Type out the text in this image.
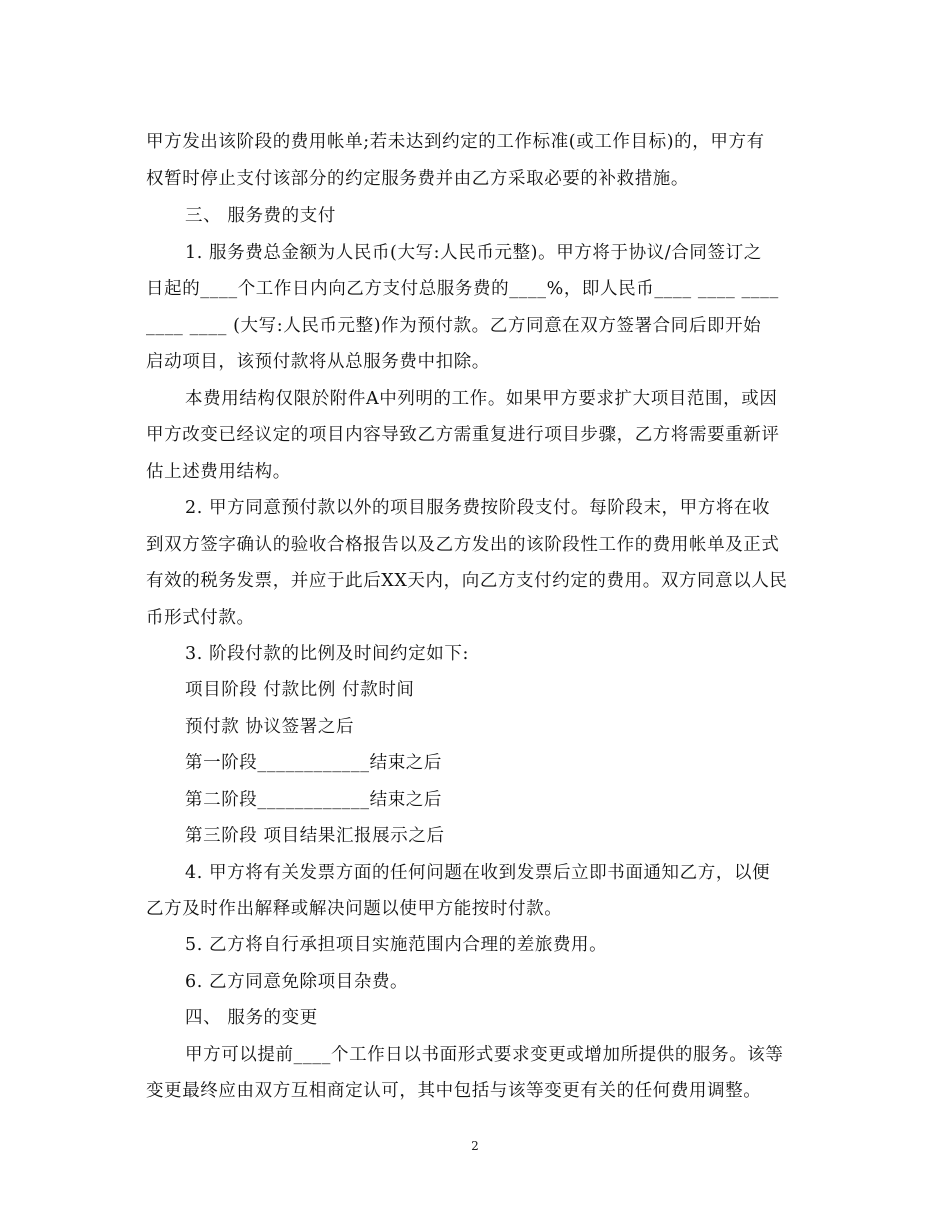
甲方发出该阶段的费用帐单;若未达到约定的工作标准(或工作目标)的，甲方有
权暂时停止支付该部分的约定服务费并由乙方采取必要的补救措施。
三、 服务费的支付
1. 服务费总金额为人民币(大写:人民币元整)。甲方将于协议/合同签订之
日起的____个工作日内向乙方支付总服务费的____%，即人民币____ ____ ____
____ ____ (大写:人民币元整)作为预付款。乙方同意在双方签署合同后即开始
启动项目，该预付款将从总服务费中扣除。
本费用结构仅限於附件A中列明的工作。如果甲方要求扩大项目范围，或因
甲方改变已经议定的项目内容导致乙方需重复进行项目步骤，乙方将需要重新评
估上述费用结构。
2. 甲方同意预付款以外的项目服务费按阶段支付。每阶段末，甲方将在收
到双方签字确认的验收合格报告以及乙方发出的该阶段性工作的费用帐单及正式
有效的税务发票，并应于此后XX天内，向乙方支付约定的费用。双方同意以人民
币形式付款。
3. 阶段付款的比例及时间约定如下:
项目阶段 付款比例 付款时间
预付款 协议签署之后
第一阶段____________结束之后
第二阶段____________结束之后
第三阶段 项目结果汇报展示之后
4. 甲方将有关发票方面的任何问题在收到发票后立即书面通知乙方，以便
乙方及时作出解释或解决问题以使甲方能按时付款。
5. 乙方将自行承担项目实施范围内合理的差旅费用。
6. 乙方同意免除项目杂费。
四、 服务的变更
甲方可以提前____个工作日以书面形式要求变更或增加所提供的服务。该等
变更最终应由双方互相商定认可，其中包括与该等变更有关的任何费用调整。
2
